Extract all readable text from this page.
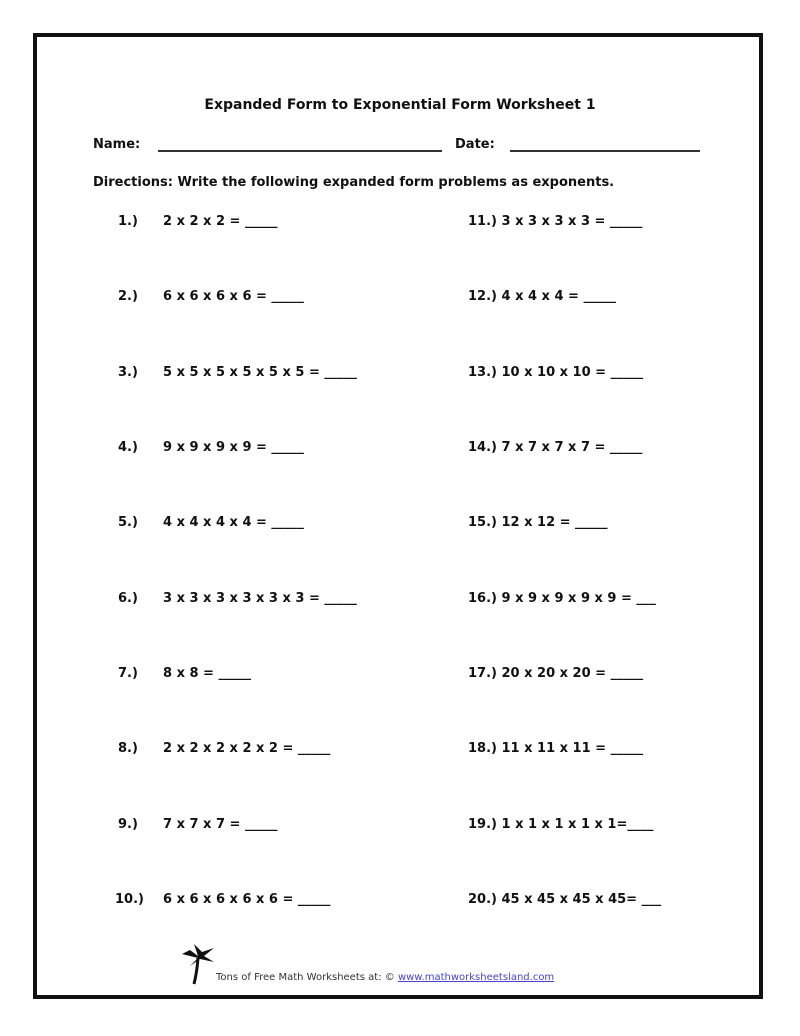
Expanded Form to Exponential Form Worksheet 1
Name:	Date:
Directions: Write the following expanded form problems as exponents.
1.) 2 x 2 x 2 = _____
2.) 6 x 6 x 6 x 6 = _____
3.) 5 x 5 x 5 x 5 x 5 x 5 = _____
4.) 9 x 9 x 9 x 9 = _____
5.) 4 x 4 x 4 x 4 = _____
6.) 3 x 3 x 3 x 3 x 3 x 3 = _____
7.) 8 x 8 = _____
8.) 2 x 2 x 2 x 2 x 2 = _____
9.) 7 x 7 x 7 = _____
10.) 6 x 6 x 6 x 6 x 6 = _____
11.) 3 x 3 x 3 x 3 = _____
12.) 4 x 4 x 4 = _____
13.) 10 x 10 x 10 = _____
14.) 7 x 7 x 7 x 7 = _____
15.) 12 x 12 = _____
16.) 9 x 9 x 9 x 9 x 9 = ___
17.) 20 x 20 x 20 = _____
18.) 11 x 11 x 11 = _____
19.) 1 x 1 x 1 x 1 x 1=____
20.) 45 x 45 x 45 x 45= ___
Tons of Free Math Worksheets at: © www.mathworksheetsland.com
